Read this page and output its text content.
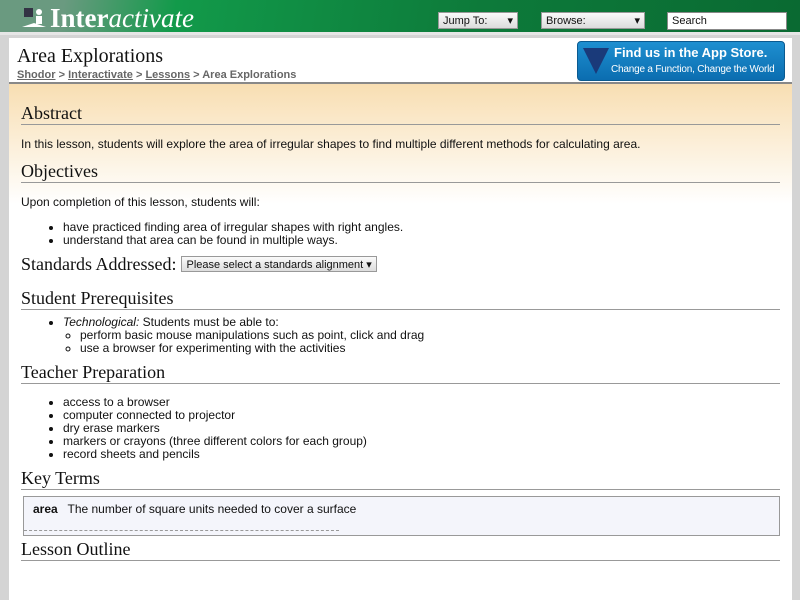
Interactivate	Jump To: ▾	Browse:	▾	Search
Area Explorations
Shodor > Interactivate > Lessons > Area Explorations
Find us in the App Store.
Change a Function, Change the World
Abstract

In this lesson, students will explore the area of irregular shapes to find multiple different methods for calculating area.

Objectives

Upon completion of this lesson, students will:

• have practiced finding area of irregular shapes with right angles.
• understand that area can be found in multiple ways.
Standards Addressed: Please select a standards alignment ▾
Student Prerequisites
• Technological: Students must be able to:
◦ perform basic mouse manipulations such as point, click and drag
◦ use a browser for experimenting with the activities
Teacher Preparation
• access to a browser
• computer connected to projector
• dry erase markers
• markers or crayons (three different colors for each group)
• record sheets and pencils
Key Terms
area The number of square units needed to cover a surface
Lesson Outline
